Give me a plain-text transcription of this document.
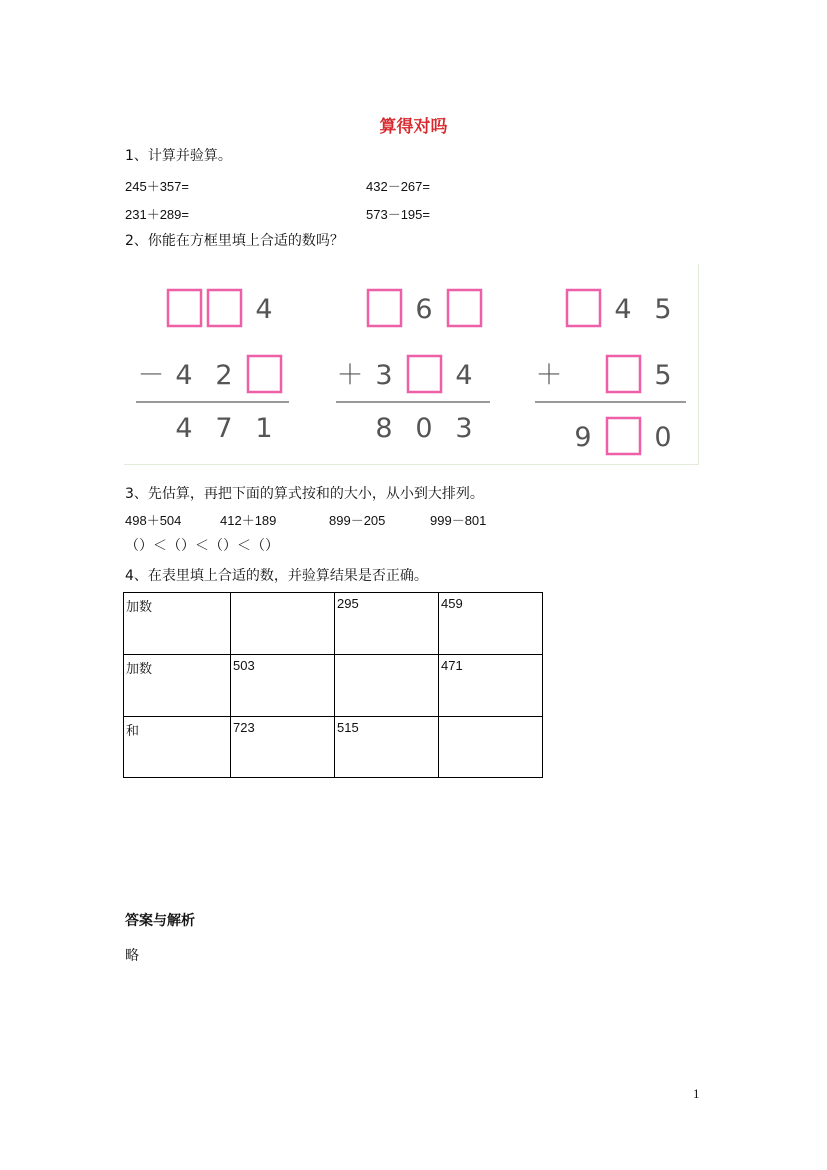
算得对吗
1、计算并验算。
245＋357=	432－267=
231＋289=	573－195=
2、你能在方框里填上合适的数吗？
4
4 2
4 7 1
－
6
3 4
8 0 3
＋
4 5
5
9 0
＋
3、先估算，再把下面的算式按和的大小，从小到大排列。
498＋504	412＋189	899－205	999－801
（）＜（）＜（）＜（）
4、在表里填上合适的数，并验算结果是否正确。
加数		295	459
加数	503		471
和	723	515	
答案与解析
略
1
